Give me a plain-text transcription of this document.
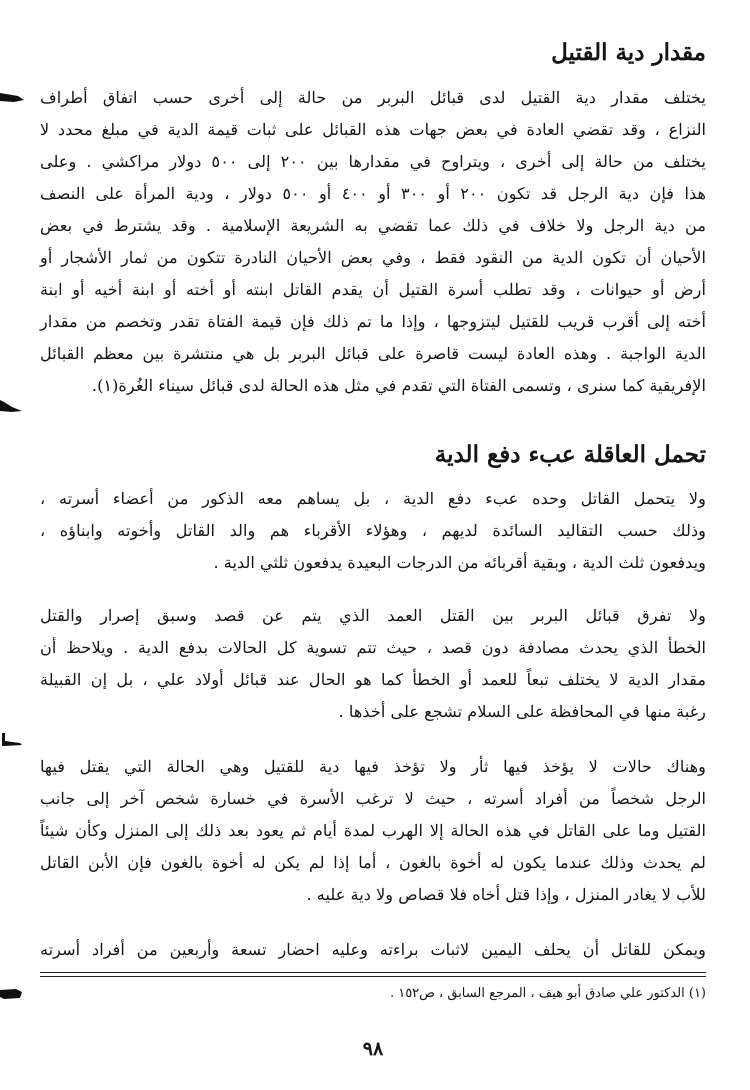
مقدار دية القتيل
يختلف مقدار دية القتيل لدى قبائل البربر من حالة إلى أخرى حسب اتفاق أطراف
النزاع ، وقد تقضي العادة في بعض جهات هذه القبائل على ثبات قيمة الدية في مبلغ محدد لا
يختلف من حالة إلى أخرى ، ويتراوح في مقدارها بين ٢٠٠ إلى ٥٠٠ دولار مراكشي . وعلى
هذا فإن دية الرجل قد تكون ٢٠٠ أو ٣٠٠ أو ٤٠٠ أو ٥٠٠ دولار ، ودية المرأة على النصف
من دية الرجل ولا خلاف في ذلك عما تقضي به الشريعة الإسلامية . وقد يشترط في بعض
الأحيان أن تكون الدية من النقود فقط ، وفي بعض الأحيان النادرة تتكون من ثمار الأشجار أو
أرض أو حيوانات ، وقد تطلب أسرة القتيل أن يقدم القاتل ابنته أو أخته أو ابنة أخيه أو ابنة
أخته إلى أقرب قريب للقتيل ليتزوجها ، وإذا ما تم ذلك فإن قيمة الفتاة تقدر وتخصم من مقدار
الدية الواجبة . وهذه العادة ليست قاصرة على قبائل البربر بل هي منتشرة بين معظم القبائل
الإفريقية كما سنرى ، وتسمى الفتاة التي تقدم في مثل هذه الحالة لدى قبائل سيناء الغُرة(١).
تحمل العاقلة عبء دفع الدية
ولا يتحمل القاتل وحده عبء دفع الدية ، بل يساهم معه الذكور من أعضاء أسرته ،
وذلك حسب التقاليد السائدة لديهم ، وهؤلاء الأقرباء هم والد القاتل وأخوته وابناؤه ،
ويدفعون ثلث الدية ، وبقية أقربائه من الدرجات البعيدة يدفعون ثلثي الدية .
ولا تفرق قبائل البربر بين القتل العمد الذي يتم عن قصد وسبق إصرار والقتل
الخطأ الذي يحدث مصادفة دون قصد ، حيث تتم تسوية كل الحالات بدفع الدية . ويلاحظ أن
مقدار الدية لا يختلف تبعاً للعمد أو الخطأ كما هو الحال عند قبائل أولاد علي ، بل إن القبيلة
رغبة منها في المحافظة على السلام تشجع على أخذها .
وهناك حالات لا يؤخذ فيها ثأر ولا تؤخذ فيها دية للقتيل وهي الحالة التي يقتل فيها
الرجل شخصاً من أفراد أسرته ، حيث لا ترغب الأسرة في خسارة شخص آخر إلى جانب
القتيل وما على القاتل في هذه الحالة إلا الهرب لمدة أيام ثم يعود بعد ذلك إلى المنزل وكأن شيئاً
لم يحدث وذلك عندما يكون له أخوة بالغون ، أما إذا لم يكن له أخوة بالغون فإن الأبن القاتل
للأب لا يغادر المنزل ، وإذا قتل أخاه فلا قصاص ولا دية عليه .
ويمكن للقاتل أن يحلف اليمين لاثبات براءته وعليه احضار تسعة وأربعين من أفراد أسرته
(١) الدكتور علي صادق أبو هيف ، المرجع السابق ، ص١٥٢ .
٩٨
